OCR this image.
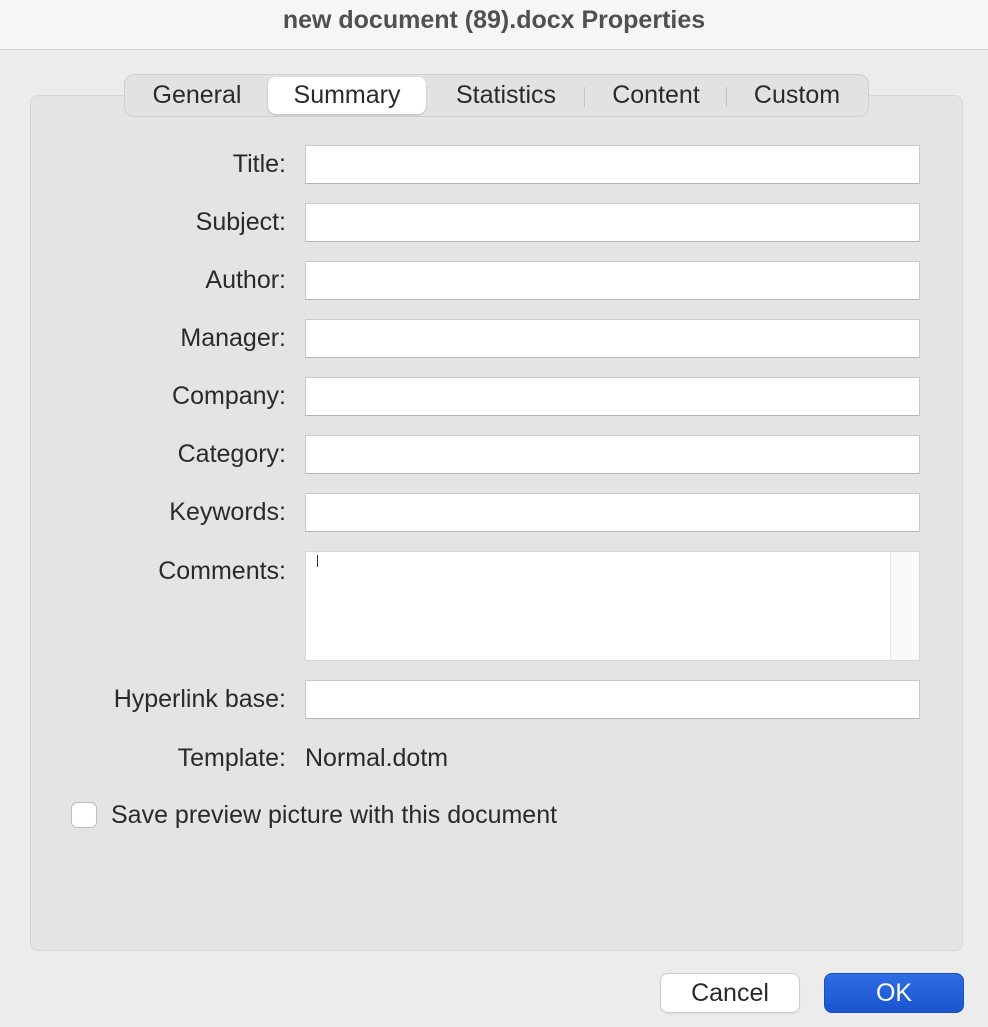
new document (89).docx Properties
General	Summary	Statistics	Content	Custom
Title:
Subject:
Author:
Manager:
Company:
Category:
Keywords:
Comments:
Hyperlink base:
Template: Normal.dotm
Save preview picture with this document
Cancel	OK
